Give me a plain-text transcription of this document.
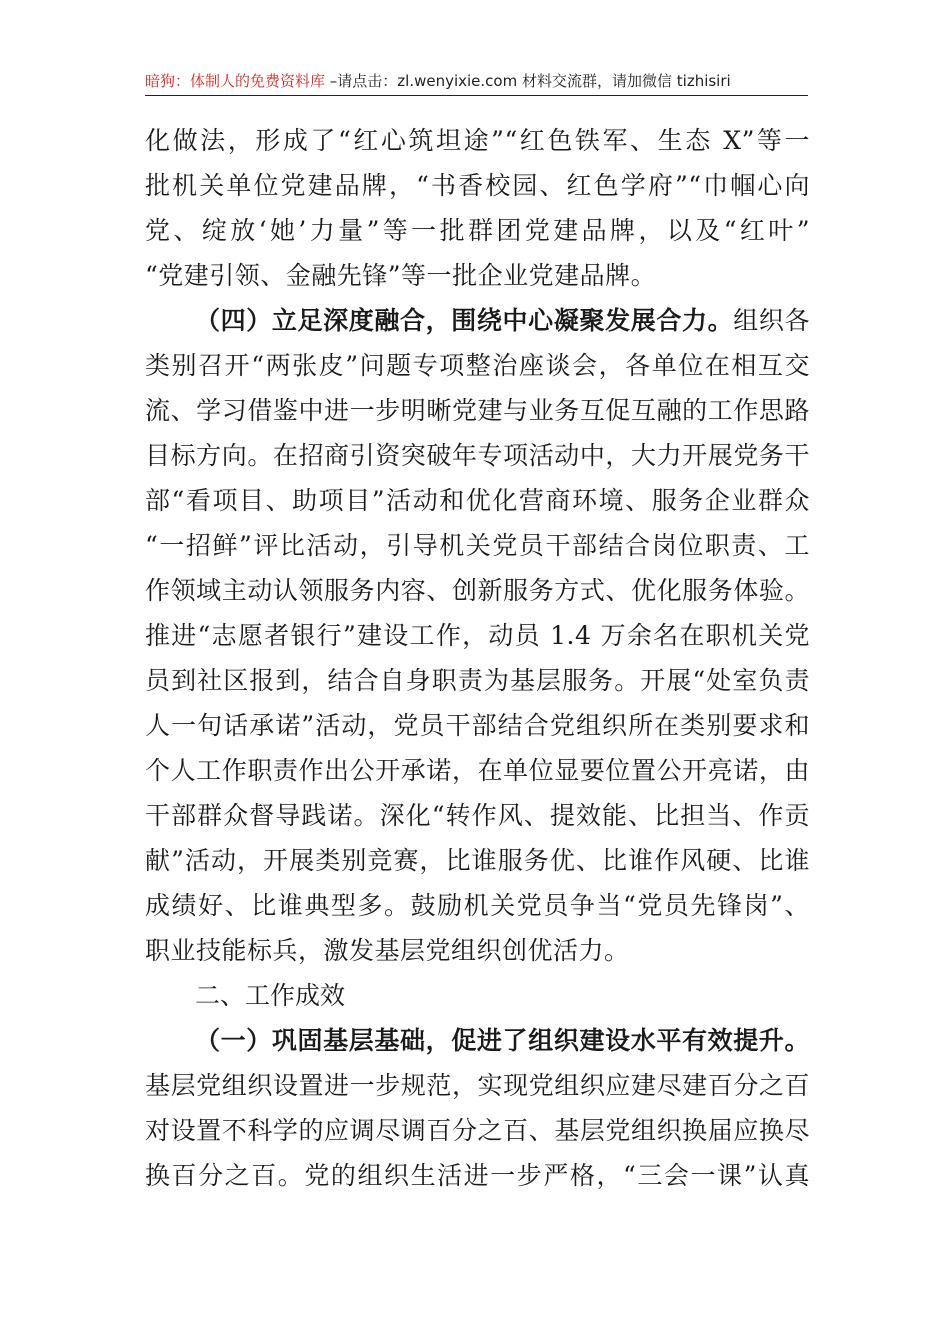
暗狗：体制人的免费资料库 –请点击：zl.wenyixie.com 材料交流群，请加微信 tizhisiri
化做法，形成了“红心筑坦途”“红色铁军、生态 X”等一
批机关单位党建品牌，“书香校园、红色学府”“巾帼心向
党、绽放‘她’力量”等一批群团党建品牌，以及“红叶”
“党建引领、金融先锋”等一批企业党建品牌。
（四）立足深度融合，围绕中心凝聚发展合力。组织各
类别召开“两张皮”问题专项整治座谈会，各单位在相互交
流、学习借鉴中进一步明晰党建与业务互促互融的工作思路
目标方向。在招商引资突破年专项活动中，大力开展党务干
部“看项目、助项目”活动和优化营商环境、服务企业群众
“一招鲜”评比活动，引导机关党员干部结合岗位职责、工
作领域主动认领服务内容、创新服务方式、优化服务体验。
推进“志愿者银行”建设工作，动员 1.4 万余名在职机关党
员到社区报到，结合自身职责为基层服务。开展“处室负责
人一句话承诺”活动，党员干部结合党组织所在类别要求和
个人工作职责作出公开承诺，在单位显要位置公开亮诺，由
干部群众督导践诺。深化“转作风、提效能、比担当、作贡
献”活动，开展类别竞赛，比谁服务优、比谁作风硬、比谁
成绩好、比谁典型多。鼓励机关党员争当“党员先锋岗”、
职业技能标兵，激发基层党组织创优活力。
二、工作成效
（一）巩固基层基础，促进了组织建设水平有效提升。
基层党组织设置进一步规范，实现党组织应建尽建百分之百
对设置不科学的应调尽调百分之百、基层党组织换届应换尽
换百分之百。党的组织生活进一步严格，“三会一课”认真
